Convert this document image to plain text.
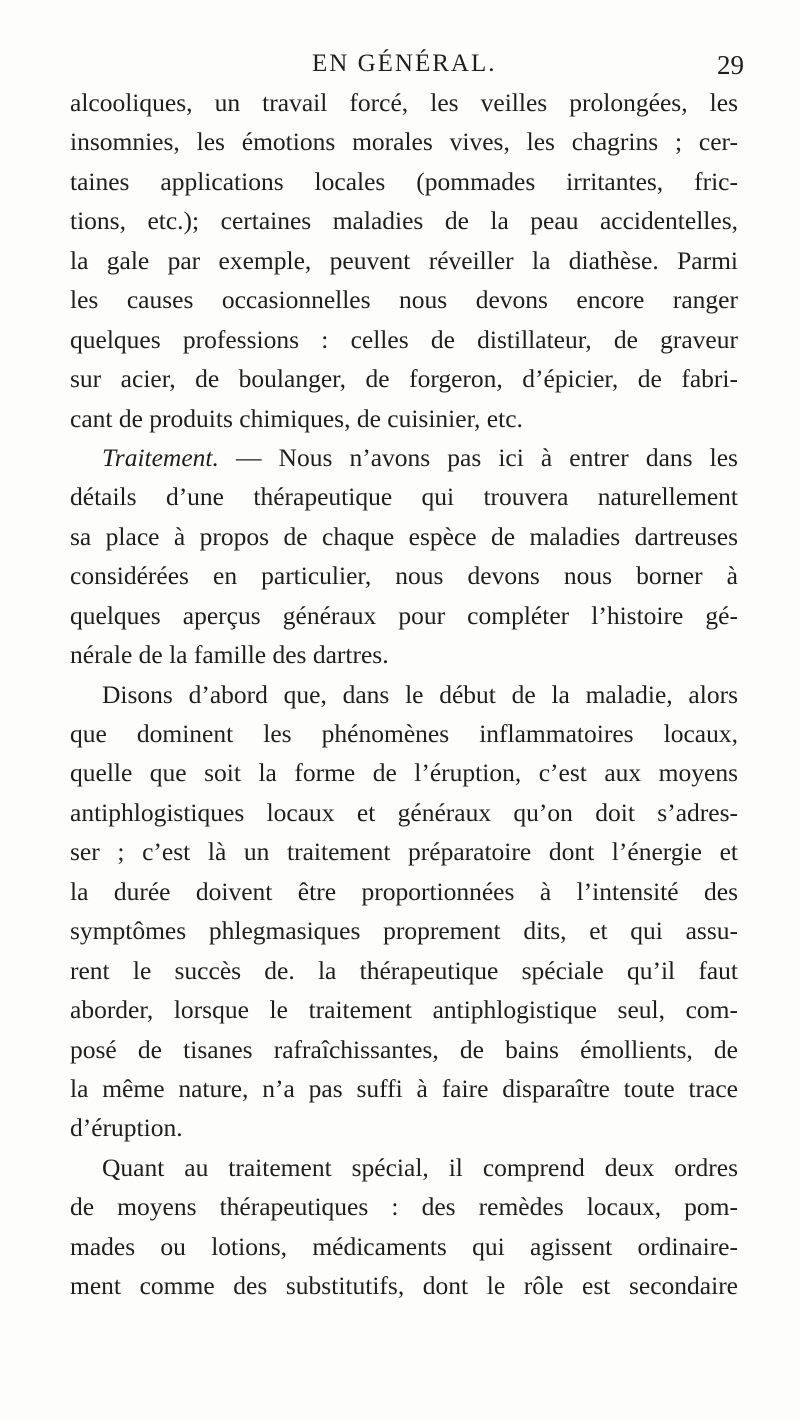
EN GÉNÉRAL.	29
alcooliques, un travail forcé, les veilles prolongées, les
insomnies, les émotions morales vives, les chagrins ; cer-
taines applications locales (pommades irritantes, fric-
tions, etc.); certaines maladies de la peau accidentelles,
la gale par exemple, peuvent réveiller la diathèse. Parmi
les causes occasionnelles nous devons encore ranger
quelques professions : celles de distillateur, de graveur
sur acier, de boulanger, de forgeron, d’épicier, de fabri-
cant de produits chimiques, de cuisinier, etc.
Traitement. — Nous n’avons pas ici à entrer dans les
détails d’une thérapeutique qui trouvera naturellement
sa place à propos de chaque espèce de maladies dartreuses
considérées en particulier, nous devons nous borner à
quelques aperçus généraux pour compléter l’histoire gé-
nérale de la famille des dartres.
Disons d’abord que, dans le début de la maladie, alors
que dominent les phénomènes inflammatoires locaux,
quelle que soit la forme de l’éruption, c’est aux moyens
antiphlogistiques locaux et généraux qu’on doit s’adres-
ser ; c’est là un traitement préparatoire dont l’énergie et
la durée doivent être proportionnées à l’intensité des
symptômes phlegmasiques proprement dits, et qui assu-
rent le succès de. la thérapeutique spéciale qu’il faut
aborder, lorsque le traitement antiphlogistique seul, com-
posé de tisanes rafraîchissantes, de bains émollients, de
la même nature, n’a pas suffi à faire disparaître toute trace
d’éruption.
Quant au traitement spécial, il comprend deux ordres
de moyens thérapeutiques : des remèdes locaux, pom-
mades ou lotions, médicaments qui agissent ordinaire-
ment comme des substitutifs, dont le rôle est secondaire
